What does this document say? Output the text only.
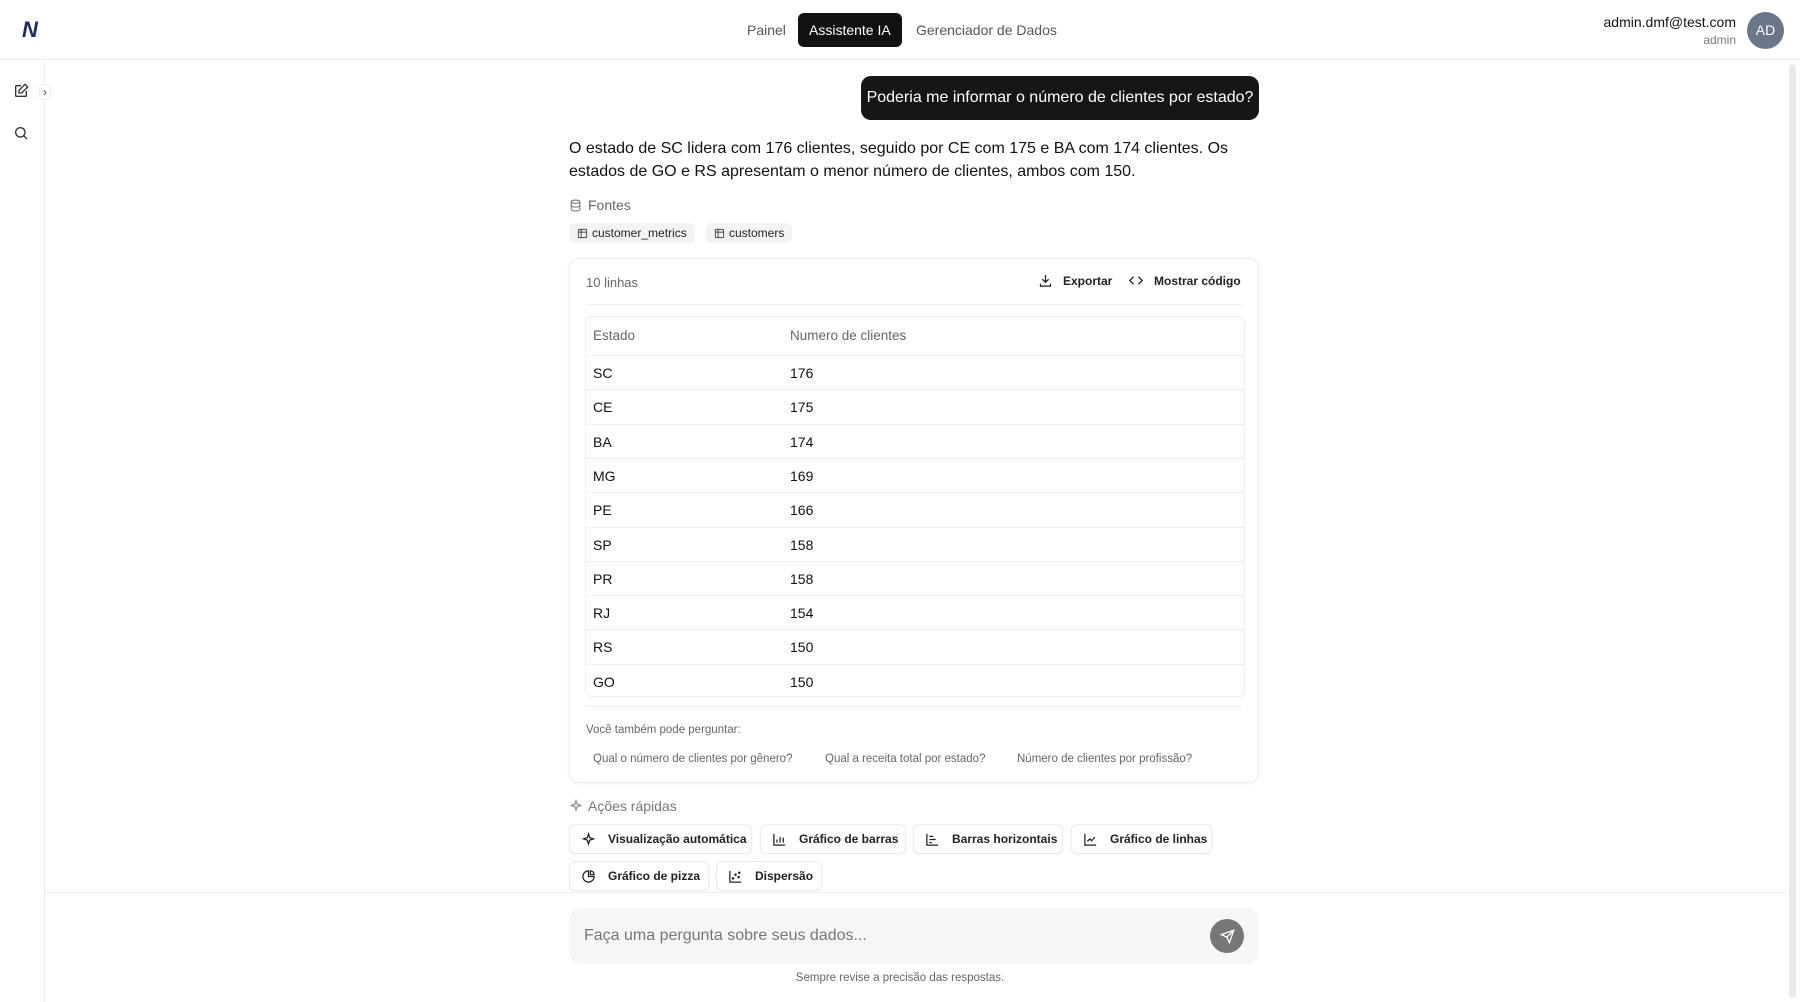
N	Painel	Assistente IA	Gerenciador de Dados	admin.dmf@test.com
admin
AD
›	Poderia me informar o número de clientes por estado?
O estado de SC lidera com 176 clientes, seguido por CE com 175 e BA com 174 clientes. Os estados de GO e RS apresentam o menor número de clientes, ambos com 150.
Fontes
customer_metrics	customers
10 linhas	Exportar	Mostrar código
Estado	Numero de clientes
SC	176
CE	175
BA	174
MG	169
PE	166
SP	158
PR	158
RJ	154
RS	150
GO	150
Você também pode perguntar:
Qual o número de clientes por gênero?	Qual a receita total por estado?	Número de clientes por profissão?
Ações rápidas
Visualização automática	Gráfico de barras	Barras horizontais	Gráfico de linhas
Gráfico de pizza	Dispersão
Faça uma pergunta sobre seus dados...
Sempre revise a precisão das respostas.
